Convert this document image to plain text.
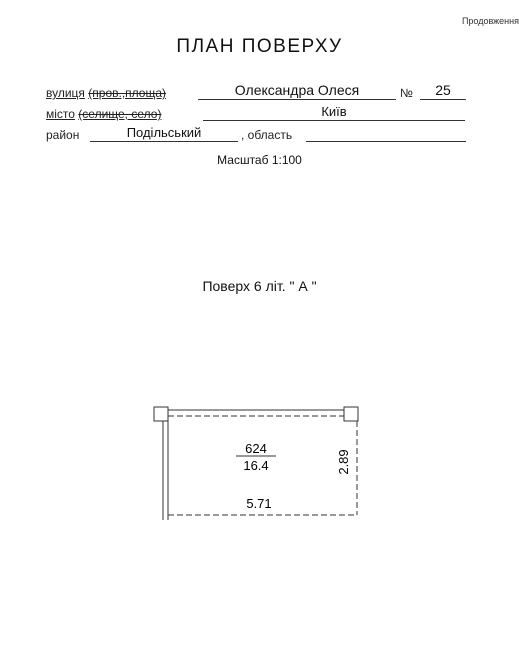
Продовження
ПЛАН ПОВЕРХУ
вулиця (пров.,площа)	Олександра Олеся	№	25
місто (селище, село)	Київ
район	Подільський	, область
Масштаб 1:100
Поверх 6 літ. " А "
624
16.4
5.71
2.89
